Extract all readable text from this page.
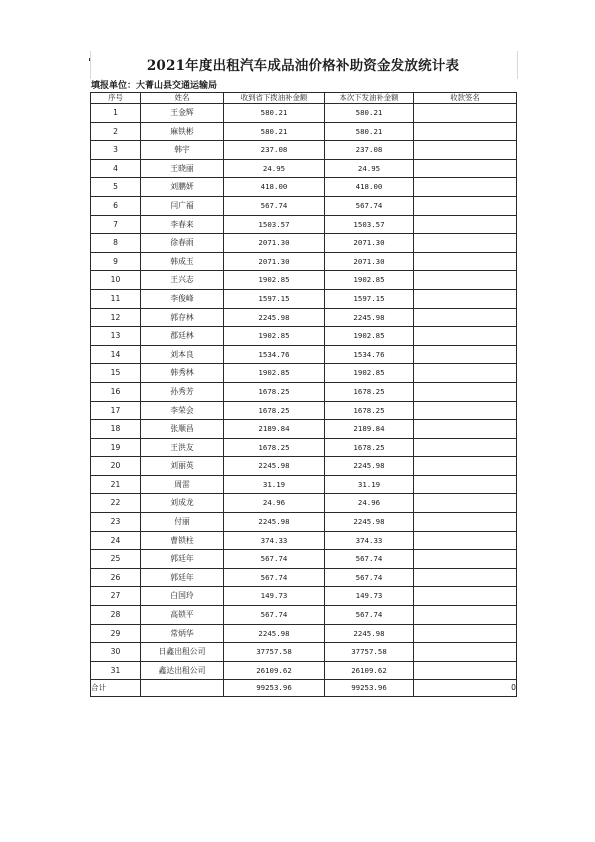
2021年度出租汽车成品油价格补助资金发放统计表
填报单位：大菁山县交通运输局
序号	姓名	收到省下拨油补金额	本次下发油补金额	收款签名
1	王金辉	580.21	580.21	
2	麻铁彬	580.21	580.21	
3	韩宇	237.08	237.08	
4	王晓丽	24.95	24.95	
5	刘鹏妍	418.00	418.00	
6	闫广福	567.74	567.74	
7	李春来	1503.57	1503.57	
8	徐春雨	2071.30	2071.30	
9	韩成玉	2071.30	2071.30	
10	王兴志	1902.85	1902.85	
11	李俊峰	1597.15	1597.15	
12	郭存林	2245.98	2245.98	
13	郡廷林	1902.85	1902.85	
14	刘本良	1534.76	1534.76	
15	韩秀林	1902.85	1902.85	
16	孙秀芳	1678.25	1678.25	
17	李荣会	1678.25	1678.25	
18	张顺昌	2189.84	2189.84	
19	王洪友	1678.25	1678.25	
20	刘丽英	2245.98	2245.98	
21	周雷	31.19	31.19	
22	刘成龙	24.96	24.96	
23	付丽	2245.98	2245.98	
24	曹锁柱	374.33	374.33	
25	郭廷年	567.74	567.74	
26	郭廷年	567.74	567.74	
27	白国玲	149.73	149.73	
28	高锁平	567.74	567.74	
29	常炳华	2245.98	2245.98	
30	日鑫出租公司	37757.58	37757.58	
31	鑫达出租公司	26109.62	26109.62	
合计		99253.96	99253.96	0
